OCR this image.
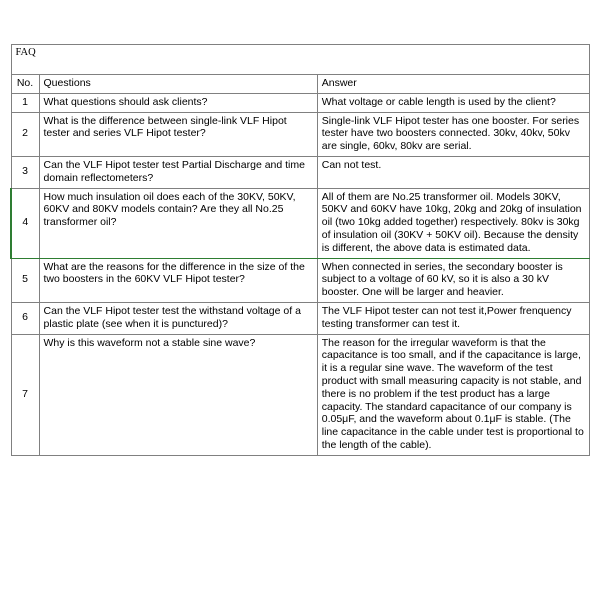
FAQ		
No.	Questions	Answer
1	What questions should ask clients?	What voltage or cable length is used by the client?
2	What is the difference between single-link VLF Hipot tester and series VLF Hipot tester?	Single-link VLF Hipot tester has one booster. For series tester have two boosters connected. 30kv, 40kv, 50kv are single, 60kv, 80kv are serial.
3	Can the VLF Hipot tester test Partial Discharge and time domain reflectometers?	Can not test.
4	How much insulation oil does each of the 30KV, 50KV, 60KV and 80KV models contain? Are they all No.25 transformer oil?	All of them are No.25 transformer oil. Models 30KV, 50KV and 60KV have 10kg, 20kg and 20kg of insulation oil (two 10kg added together) respectively. 80kv is 30kg of insulation oil (30KV + 50KV oil). Because the density is different, the above data is estimated data.
5	What are the reasons for the difference in the size of the two boosters in the 60KV VLF Hipot tester?	When connected in series, the secondary booster is subject to a voltage of 60 kV, so it is also a 30 kV booster. One will be larger and heavier.
6	Can the VLF Hipot tester test the withstand voltage of a plastic plate (see when it is punctured)?	The VLF Hipot tester can not test it,Power frenquency testing transformer can test it.
7	Why is this waveform not a stable sine wave?	The reason for the irregular waveform is that the capacitance is too small, and if the capacitance is large, it is a regular sine wave. The waveform of the test product with small measuring capacity is not stable, and there is no problem if the test product has a large capacity. The standard capacitance of our company is 0.05μF, and the waveform about 0.1μF is stable. (The line capacitance in the cable under test is proportional to the length of the cable).
